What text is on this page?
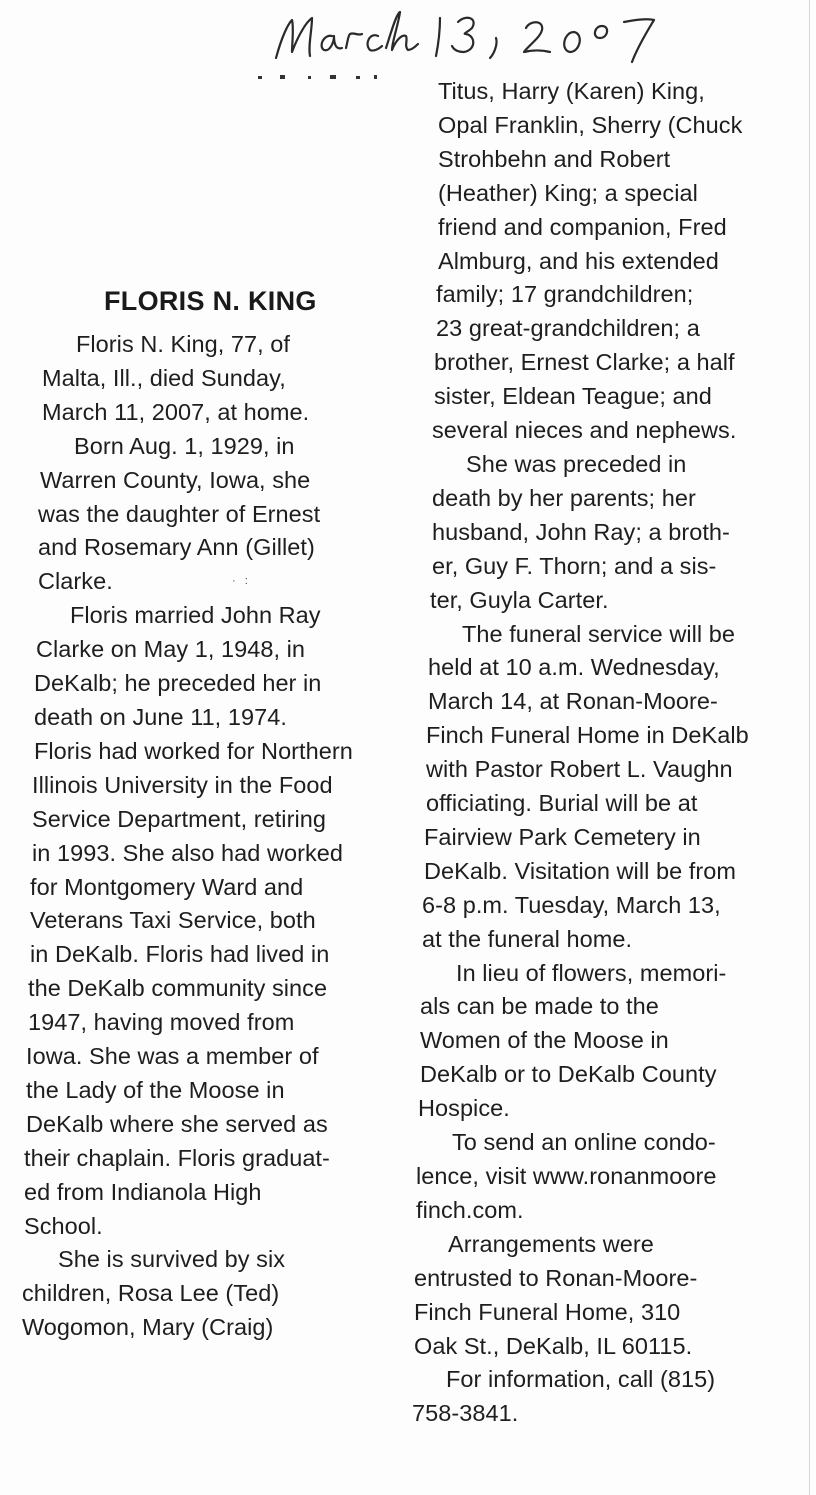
FLORIS N. KING
Floris N. King, 77, of
Malta, Ill., died Sunday,
March 11, 2007, at home.
Born Aug. 1, 1929, in
Warren County, Iowa, she
was the daughter of Ernest
and Rosemary Ann (Gillet)
Clarke.
Floris married John Ray
Clarke on May 1, 1948, in
DeKalb; he preceded her in
death on June 11, 1974.
Floris had worked for Northern
Illinois University in the Food
Service Department, retiring
in 1993. She also had worked
for Montgomery Ward and
Veterans Taxi Service, both
in DeKalb. Floris had lived in
the DeKalb community since
1947, having moved from
Iowa. She was a member of
the Lady of the Moose in
DeKalb where she served as
their chaplain. Floris graduat-
ed from Indianola High
School.
She is survived by six
children, Rosa Lee (Ted)
Wogomon, Mary (Craig)
Titus, Harry (Karen) King,
Opal Franklin, Sherry (Chuck
Strohbehn and Robert
(Heather) King; a special
friend and companion, Fred
Almburg, and his extended
family; 17 grandchildren;
23 great-grandchildren; a
brother, Ernest Clarke; a half
sister, Eldean Teague; and
several nieces and nephews.
She was preceded in
death by her parents; her
husband, John Ray; a broth-
er, Guy F. Thorn; and a sis-
ter, Guyla Carter.
The funeral service will be
held at 10 a.m. Wednesday,
March 14, at Ronan-Moore-
Finch Funeral Home in DeKalb
with Pastor Robert L. Vaughn
officiating. Burial will be at
Fairview Park Cemetery in
DeKalb. Visitation will be from
6-8 p.m. Tuesday, March 13,
at the funeral home.
In lieu of flowers, memori-
als can be made to the
Women of the Moose in
DeKalb or to DeKalb County
Hospice.
To send an online condo-
lence, visit www.ronanmoore
finch.com.
Arrangements were
entrusted to Ronan-Moore-
Finch Funeral Home, 310
Oak St., DeKalb, IL 60115.
For information, call (815)
758-3841.
· :
